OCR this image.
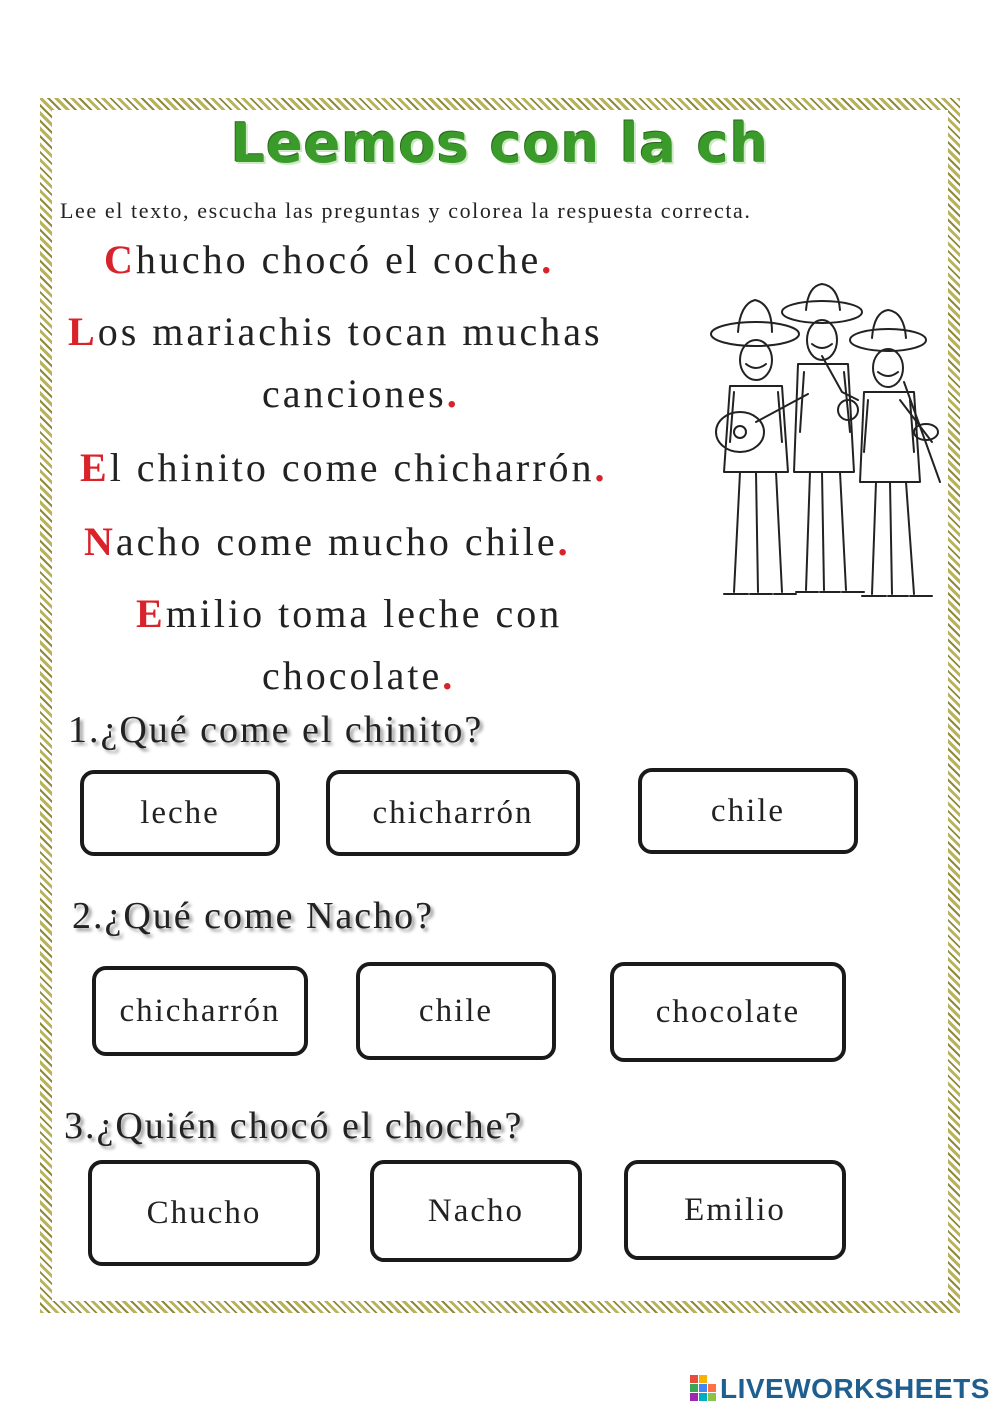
Leemos con la ch

Lee el texto, escucha las preguntas y colorea la respuesta correcta.

Chucho chocó el coche.

Los mariachis tocan muchas

canciones.

El chinito come chicharrón.

Nacho come mucho chile.

Emilio toma leche con

chocolate.

1.¿Qué come el chinito?

leche	chicharrón	chile

2.¿Qué come Nacho?

chicharrón	chile	chocolate

3.¿Quién chocó el choche?

Chucho	Nacho	Emilio
LIVEWORKSHEETS
